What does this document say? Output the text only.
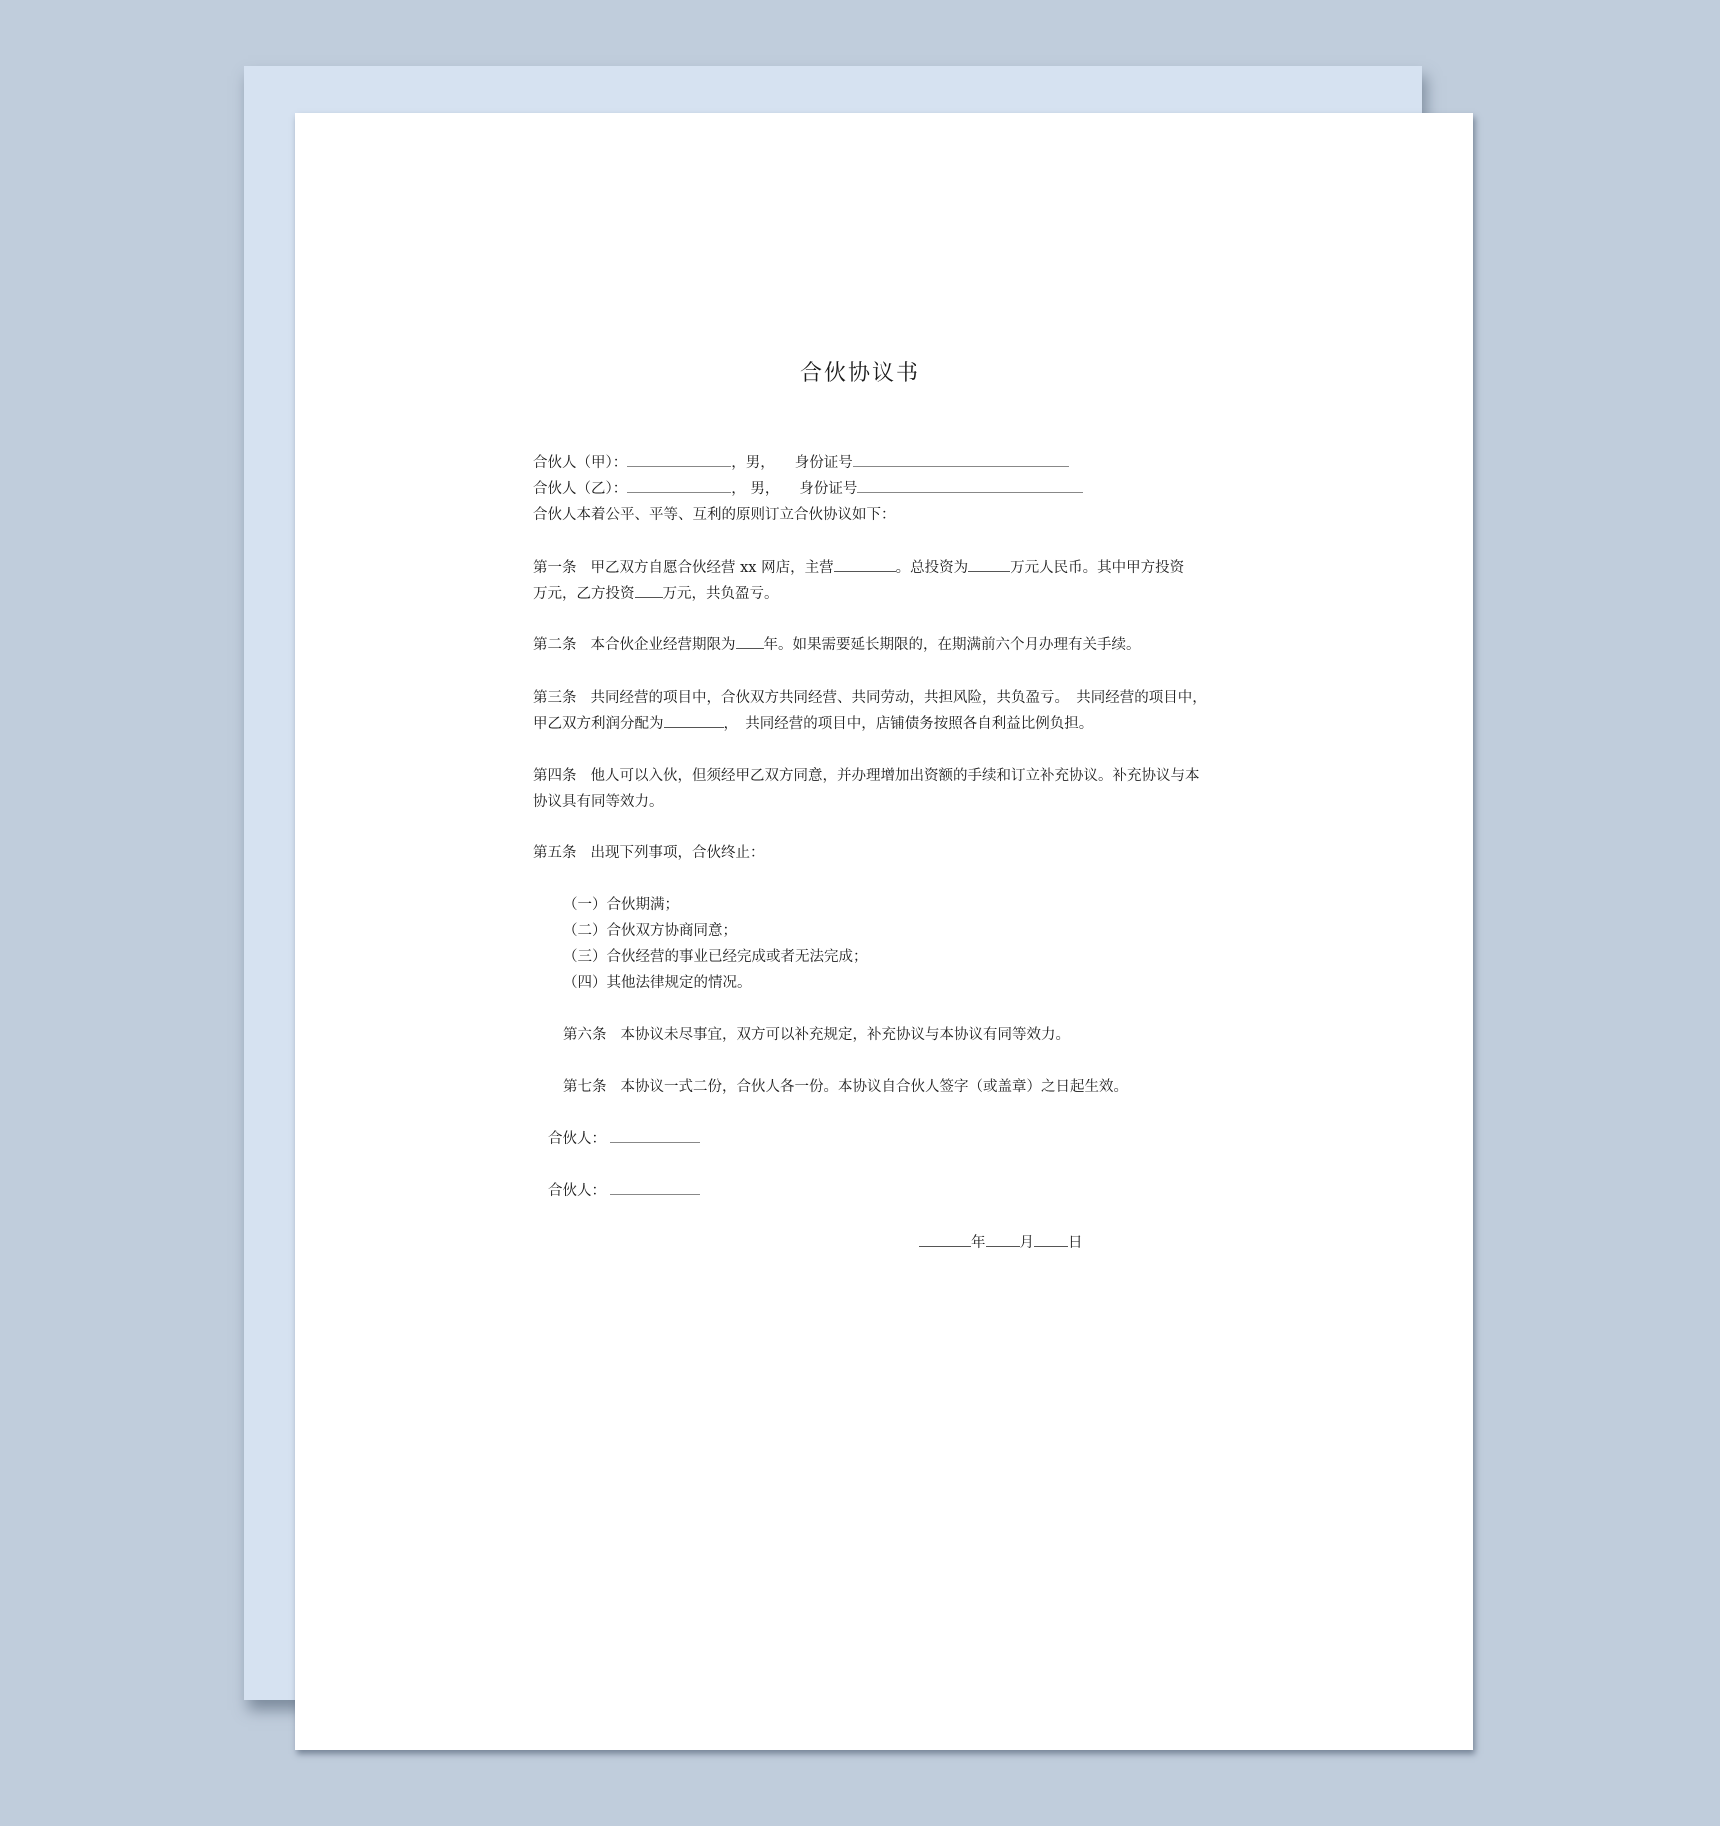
合伙协议书
合伙人（甲）：	，男， 身份证号
合伙人（乙）：	， 男， 身份证号
合伙人本着公平、平等、互利的原则订立合伙协议如下：
第一条 甲乙双方自愿合伙经营 xx 网店，主营	。总投资为	万元人民币。其中甲方投资
万元，乙方投资 万元，共负盈亏。
第二条 本合伙企业经营期限为 年。如果需要延长期限的，在期满前六个月办理有关手续。
第三条 共同经营的项目中，合伙双方共同经营、共同劳动，共担风险，共负盈亏。　共同经营的项目中，
甲乙双方利润分配为	，　共同经营的项目中，店铺债务按照各自利益比例负担。
第四条 他人可以入伙，但须经甲乙双方同意，并办理增加出资额的手续和订立补充协议。补充协议与本
协议具有同等效力。
第五条 出现下列事项，合伙终止：
（一）合伙期满；
（二）合伙双方协商同意；
（三）合伙经营的事业已经完成或者无法完成；
（四）其他法律规定的情况。
第六条 本协议未尽事宜，双方可以补充规定，补充协议与本协议有同等效力。
第七条 本协议一式二份，合伙人各一份。本协议自合伙人签字（或盖章）之日起生效。
合伙人：
合伙人：
年 月 日
